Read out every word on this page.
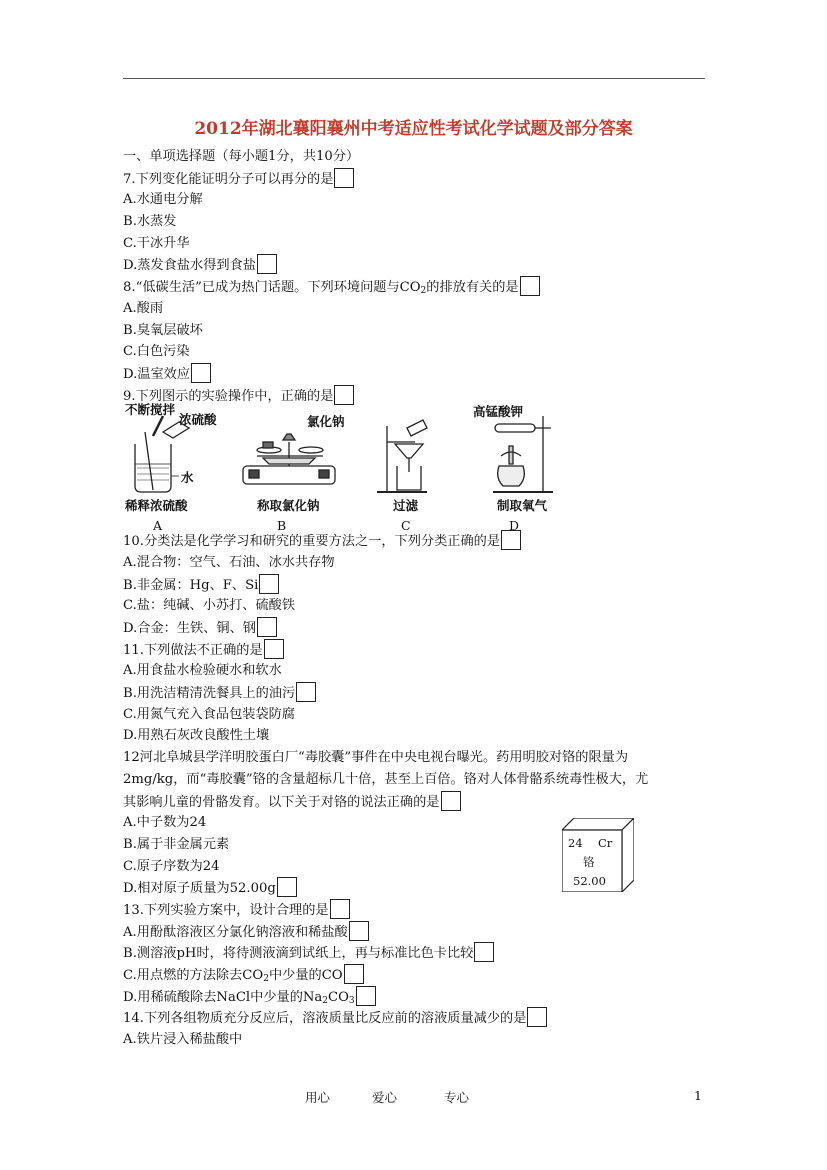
2012年湖北襄阳襄州中考适应性考试化学试题及部分答案
一、单项选择题（每小题1分，共10分）
7.下列变化能证明分子可以再分的是
A.水通电分解
B.水蒸发
C.干冰升华
D.蒸发食盐水得到食盐
8.“低碳生活”已成为热门话题。下列环境问题与$CO_2$的排放有关的是
A.酸雨
B.臭氧层破坏
C.白色污染
D.温室效应
9.下列图示的实验操作中，正确的是
不断搅拌
浓硫酸
水
稀释浓硫酸
氯化钠
称取氯化钠	过滤
高锰酸钾
制取氧气
A	B	C	D
10.分类法是化学学习和研究的重要方法之一，下列分类正确的是
A.混合物：空气、石油、冰水共存物
B.非金属：Hg、F、Si
C.盐：纯碱、小苏打、硫酸铁
D.合金：生铁、铜、钢
11.下列做法不正确的是
A.用食盐水检验硬水和软水
B.用洗洁精清洗餐具上的油污
C.用氮气充入食品包装袋防腐
D.用熟石灰改良酸性土壤
12河北阜城县学洋明胶蛋白厂“毒胶囊”事件在中央电视台曝光。药用明胶对铬的限量为
2mg/kg，而“毒胶囊”铬的含量超标几十倍，甚至上百倍。铬对人体骨骼系统毒性极大，尤
其影响儿童的骨骼发育。以下关于对铬的说法正确的是
A.中子数为24
B.属于非金属元素
C.原子序数为24
D.相对原子质量为52.00g
13.下列实验方案中，设计合理的是
A.用酚酞溶液区分氯化钠溶液和稀盐酸
B.测溶液pH时，将待测液滴到试纸上，再与标准比色卡比较
C.用点燃的方法除去$CO_2$中少量的CO
D.用稀硫酸除去NaCl中少量的$Na_2CO_3$
14.下列各组物质充分反应后，溶液质量比反应前的溶液质量减少的是
A.铁片浸入稀盐酸中
24 Cr
铬
52.00
用心	爱心	专心	1
